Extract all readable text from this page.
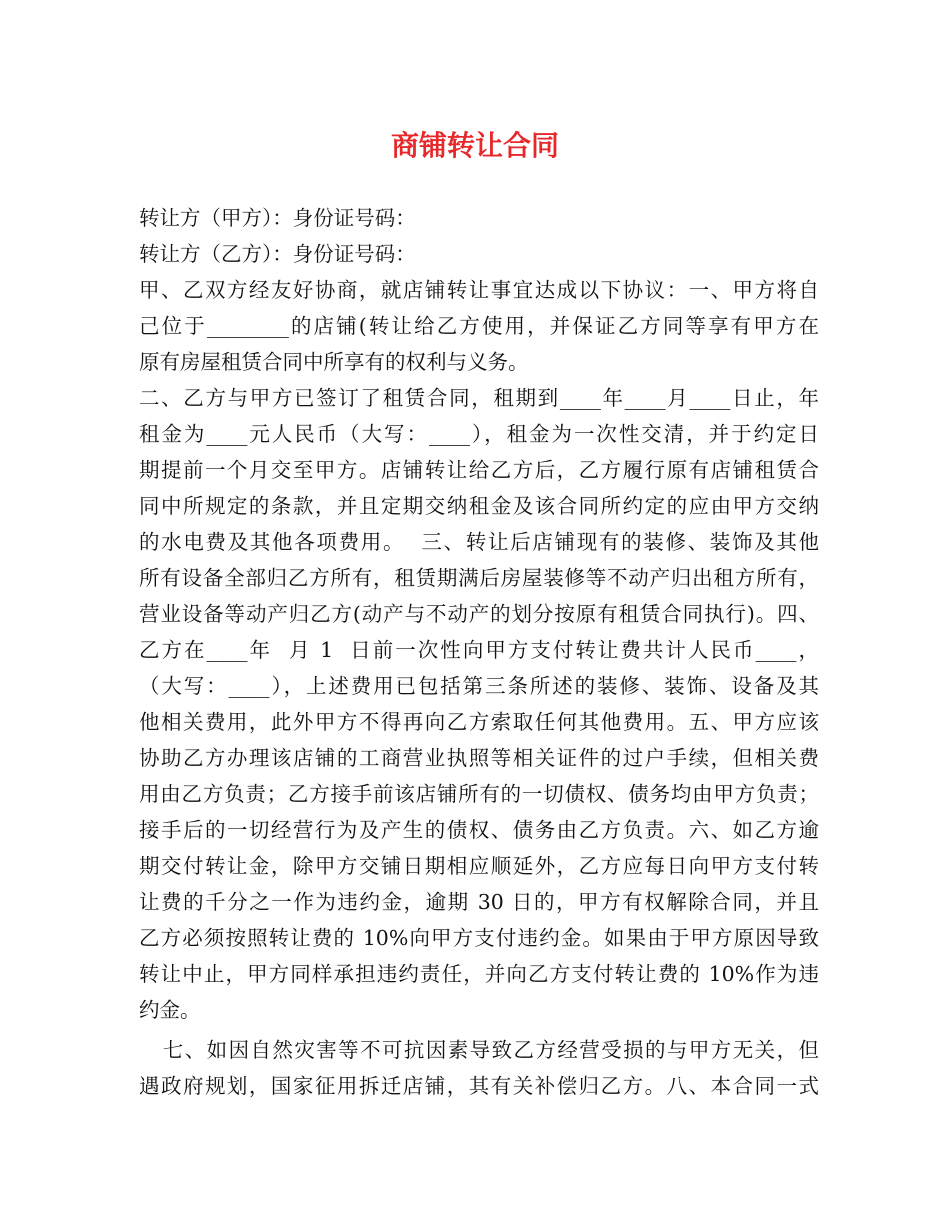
商铺转让合同

转让方（甲方）：身份证号码：

转让方（乙方）：身份证号码：

甲、乙双方经友好协商，就店铺转让事宜达成以下协议：一、甲方将自

己位于________的店铺(转让给乙方使用，并保证乙方同等享有甲方在

原有房屋租赁合同中所享有的权利与义务。

二、乙方与甲方已签订了租赁合同，租期到____年____月____日止，年

租金为____元人民币（大写：____），租金为一次性交清，并于约定日

期提前一个月交至甲方。店铺转让给乙方后，乙方履行原有店铺租赁合

同中所规定的条款，并且定期交纳租金及该合同所约定的应由甲方交纳

的水电费及其他各项费用。  三、转让后店铺现有的装修、装饰及其他

所有设备全部归乙方所有，租赁期满后房屋装修等不动产归出租方所有，

营业设备等动产归乙方(动产与不动产的划分按原有租赁合同执行)。四、

乙方在____年  月 1  日前一次性向甲方支付转让费共计人民币____，

（大写：____），上述费用已包括第三条所述的装修、装饰、设备及其

他相关费用，此外甲方不得再向乙方索取任何其他费用。五、甲方应该

协助乙方办理该店铺的工商营业执照等相关证件的过户手续，但相关费

用由乙方负责；乙方接手前该店铺所有的一切债权、债务均由甲方负责；

接手后的一切经营行为及产生的债权、债务由乙方负责。六、如乙方逾

期交付转让金，除甲方交铺日期相应顺延外，乙方应每日向甲方支付转

让费的千分之一作为违约金，逾期 30 日的，甲方有权解除合同，并且

乙方必须按照转让费的 10%向甲方支付违约金。如果由于甲方原因导致

转让中止，甲方同样承担违约责任，并向乙方支付转让费的 10%作为违

约金。

七、如因自然灾害等不可抗因素导致乙方经营受损的与甲方无关，但

遇政府规划，国家征用拆迁店铺，其有关补偿归乙方。八、本合同一式
